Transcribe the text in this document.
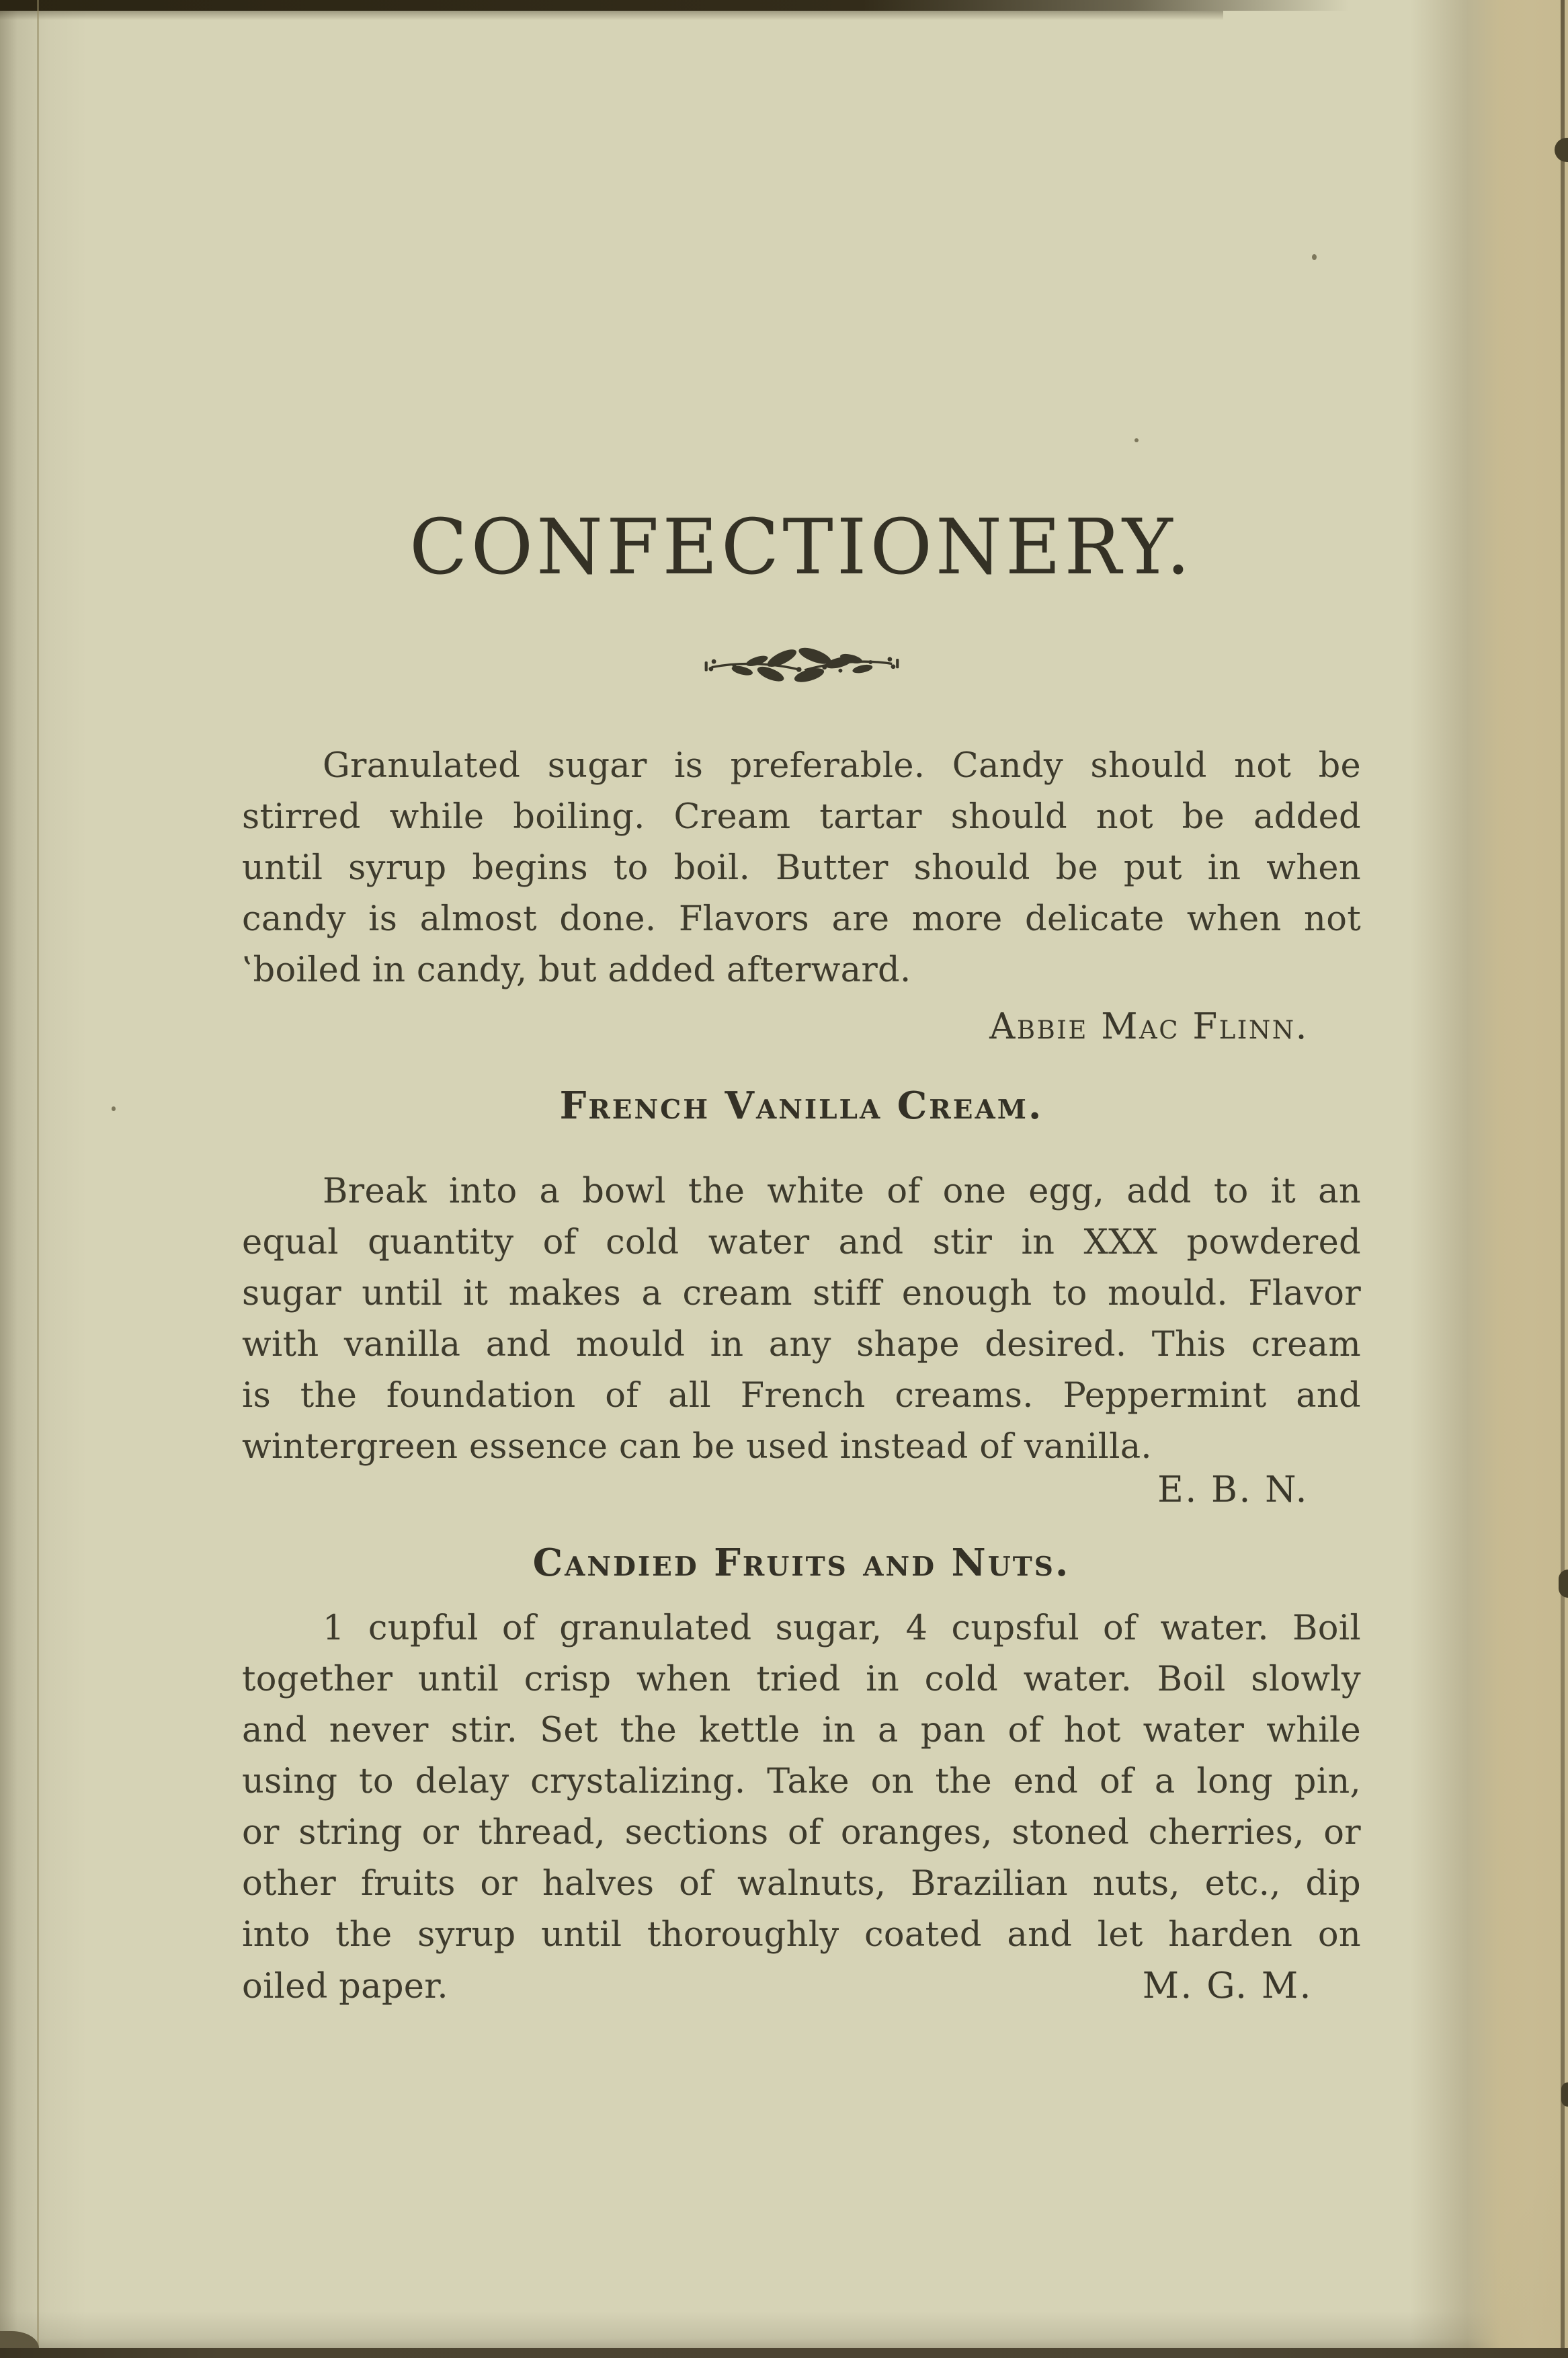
CONFECTIONERY.
Granulated sugar is preferable. Candy should not be
stirred while boiling. Cream tartar should not be added
until syrup begins to boil. Butter should be put in when
candy is almost done. Flavors are more delicate when not
‛boiled in candy, but added afterward.
Abbie Mac Flinn.
French Vanilla Cream.
Break into a bowl the white of one egg, add to it an
equal quantity of cold water and stir in XXX powdered
sugar until it makes a cream stiff enough to mould. Flavor
with vanilla and mould in any shape desired. This cream
is the foundation of all French creams. Peppermint and
wintergreen essence can be used instead of vanilla.
E. B. N.
Candied Fruits and Nuts.
1 cupful of granulated sugar, 4 cupsful of water. Boil
together until crisp when tried in cold water. Boil slowly
and never stir. Set the kettle in a pan of hot water while
using to delay crystalizing. Take on the end of a long pin,
or string or thread, sections of oranges, stoned cherries, or
other fruits or halves of walnuts, Brazilian nuts, etc., dip
into the syrup until thoroughly coated and let harden on
oiled paper.	M. G. M.
